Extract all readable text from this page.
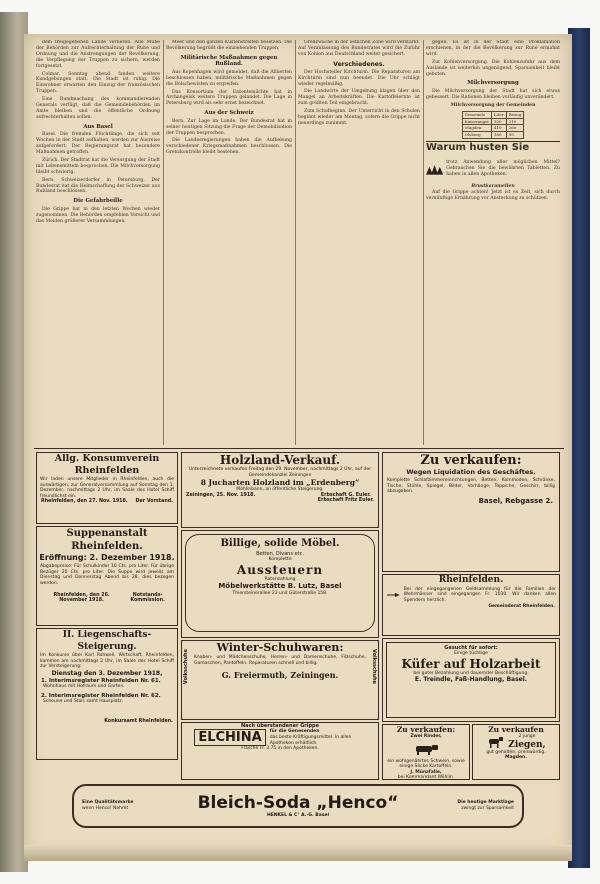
dem freigegebenen Lande verlieren. Alle Mühe der Behörden zur Aufrechterhaltung der Ruhe und Ordnung und die Anstrengungen der Bevölkerung, die Verpflegung der Truppen zu sichern, werden fortgesetzt.

Colmar. Sonntag abend fanden weitere Kundgebungen statt. Die Stadt ist ruhig. Die Einwohner erwarten den Einzug der französischen Truppen.

Eine Rundmachung des kommandierenden Generals verfügt, daß die Gemeindebehörden im Amte bleiben und die öffentliche Ordnung aufrechterhalten sollen.

Aus Basel

Basel. Die fremden Flüchtlinge, die sich seit Wochen in der Stadt aufhalten, werden zur Ausreise aufgefordert. Der Regierungsrat hat besondere Maßnahmen getroffen.

Zürich. Der Stadtrat hat die Versorgung der Stadt mit Lebensmitteln besprochen. Die Milchversorgung bleibt schwierig.

Bern. Schweizerdorfer in Petersburg. Der Bundesrat hat die Heimschaffung der Schweizer aus Rußland beschlossen.

Die Gefahrbeille

Die Grippe hat in den letzten Wochen wieder zugenommen. Die Behörden empfehlen Vorsicht und das Meiden größerer Versammlungen.

Meer und den ganzen Küstenstreifen besetzen. Die Bevölkerung begrüßt die einziehenden Truppen.

Militärische Maßnahmen gegen Rußland.

Aus Kopenhagen wird gemeldet, daß die Alliierten beschlossen haben, militärische Maßnahmen gegen die Bolschewisten zu ergreifen.

Das Konsortium der Ententemächte hat in Archangelsk weitere Truppen gelandet. Die Lage in Petersburg wird als sehr ernst bezeichnet.

Aus der Schweiz

Bern. Zur Lage im Lande. Der Bundesrat hat in seiner heutigen Sitzung die Frage der Demobilisation der Truppen besprochen.

Die Landesregierungen haben die Aufhebung verschiedener Kriegsmaßnahmen beschlossen. Die Grenzkontrolle bleibt bestehen.

Grenzwache in der östlichen Zone wird verstärkt. Auf Veranlassung des Bundesrates wird die Zufuhr von Kohlen aus Deutschland weiter gesichert.

Verschiedenes.

Der Hochsteiler Kirchturm. Die Reparaturen am Kirchturm sind nun beendet. Die Uhr schlägt wieder regelmäßig.

Die Landwirte der Umgebung klagen über den Mangel an Arbeitskräften. Die Kartoffelernte ist zum größten Teil eingebracht.

Zum Schulbeginn. Der Unterricht in den Schulen beginnt wieder am Montag, sofern die Grippe nicht neuerdings zunimmt.

gegen. Es ist in der Stadt eine Proklamation erschienen, in der die Bevölkerung zur Ruhe ermahnt wird.

Zur Kohlenversorgung. Die Kohlenzufuhr aus dem Auslande ist weiterhin ungenügend. Sparsamkeit bleibt geboten.

Milchversorgung

Die Milchversorgung der Stadt hat sich etwas gebessert. Die Rationen bleiben vorläufig unverändert.

Milchversorgung der Gemeinden
Gemeinde	Liter	Bezug
Kaiseraugst	320	210
Magden	410	260
Olsberg	180	95
Warum husten Sie

trotz Anwendung aller möglichen Mittel? Gebrauchen Sie die bewährten Tabletten. Zu haben in allen Apotheken.

Brustkaramellen

Auf die Grippe achten! Jetzt ist es Zeit, sich durch vernünftige Ernährung vor Ansteckung zu schützen.

Allg. Konsumverein Rheinfelden
Wir laden unsere Mitglieder in Rheinfelden, auch die auswärtigen, zur Generalversammlung auf Sonntag den 1. Dezember, nachmittags 2 Uhr, im Saale des Hotel Schiff freundlichst ein.
Rheinfelden, den 27. Nov. 1918. Der Vorstand.
Suppenanstalt Rheinfelden.
Eröffnung: 2. Dezember 1918.
Abgabepreise: Für Schulkinder 10 Cts. pro Liter. Für übrige Bezüger 20 Cts. pro Liter. Die Suppe wird jeweils am Dienstag und Donnerstag Abend bis 28. dies bezogen werden.
Rheinfelden, den 26. November 1918.
Notstands-Kommission.
II. Liegenschafts-Steigerung.
Im Konkurse über Karl Rohwell, Wirtschaft, Rheinfelden, kommen am nachmittags 2 Uhr, im Saale des Hotel Schiff zur Versteigerung:
Dienstag den 3. Dezember 1918,
1. Interimsregister Rheinfelden Nr. 61.
Wohnhaus mit Hofraum und Garten.
2. Interimsregister Rheinfelden Nr. 62.
Scheune und Stall, samt Hausplatz.
Konkursamt Rheinfelden.
Holzland-Verkauf.
Unterzeichnete verkaufen Freitag den 29. November, nachmittags 2 Uhr, auf der Gemeindekanzlei Zeiningen
8 Jucharten Holzland im „Erdenberg“
Möhlinbann, an öffentliche Steigerung.
Zeiningen, 25. Nov. 1918.	Erbschaft G. Euler.
Erbschaft Fritz Euler.
Billige, solide Möbel.
Betten, Divans etc.
Komplette
Aussteuern
Ratenzahlung
Möbelwerkstätte B. Lutz, Basel
Thiersteinerallee 23 und Güterstraße 158.
Volksschuhe	Volksschuhe
Winter-Schuhwaren:
Knaben- und Mädchenschuhe, Herren- und Damenschuhe, Filzschuhe, Gamaschen, Pantoffeln. Reparaturen schnell und billig.
G. Freiermuth, Zeiningen.
Nach überstandener Grippe
ELCHINA	für die Genesenden
das beste Kräftigungsmittel. In allen Apotheken erhältlich.
Flasche Fr. 3.75 in den Apotheken.
Zu verkaufen:
Wegen Liquidation des Geschäftes.
Komplette Schlafzimmereinrichtungen, Betten, Kommoden, Schränke, Tische, Stühle, Spiegel, Bilder, Vorhänge, Teppiche, Geschirr, billig abzugeben.
Basel, Rebgasse 2.
Rheinfelden.
Bei der eingegangenen Geldsammlung für die Familien der Wehrmänner sind eingegangen Fr. 1030. Wir danken allen Spendern herzlich.
Gemeinderat Rheinfelden.
Gesucht für sofort:
Einige tüchtige
Küfer auf Holzarbeit
bei guter Bezahlung und dauernder Beschäftigung.
E. Treindle, Faß-Handlung, Basel.
Zu verkaufen:
Zwei Rinder,
ein wohlgenährtes Schwein, sowie einige Säcke Kartoffeln.
J. Münzfalle,
bei Kommandant Wöhlin.
Zu verkaufen
2 junge
Ziegen,
gut gehalten, preiswürdig.
Magden.
Eine Qualitätsmarke
wenn Henco! Nehmt	Bleich-Soda „Henco“
HENKEL & C° A.-G. Basel
Die heutige Marktlage
zwingt zur Sparsamkeit
